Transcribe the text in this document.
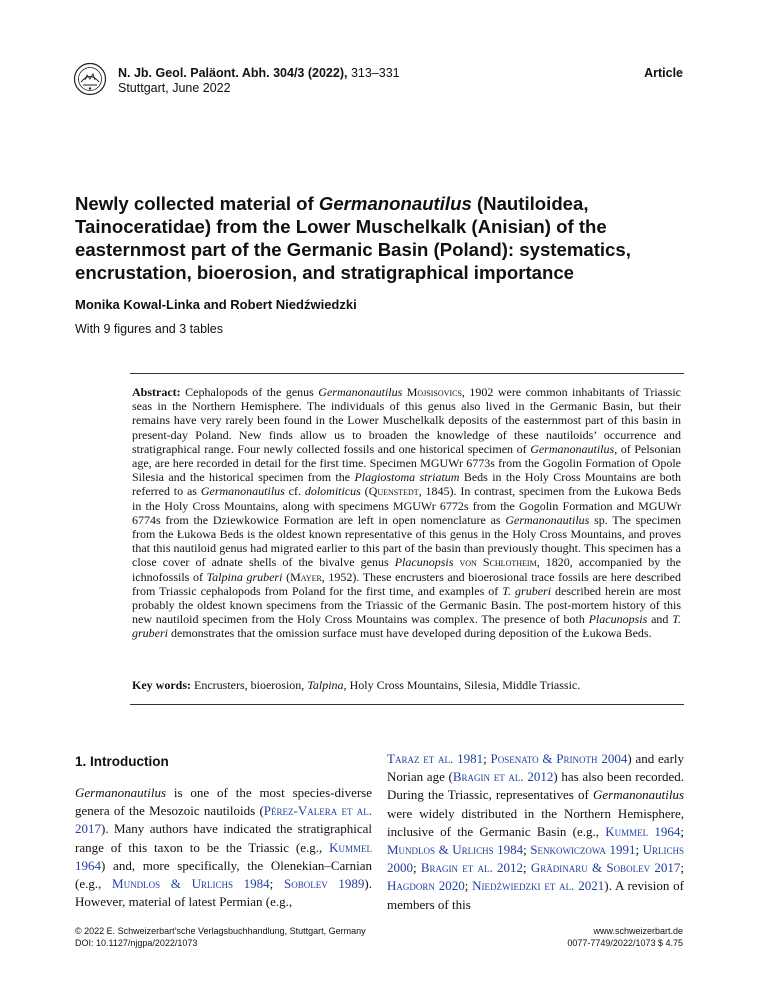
N. Jb. Geol. Paläont. Abh. 304/3 (2022), 313–331
Stuttgart, June 2022
Article
Newly collected material of Germanonautilus (Nautiloidea, Tainoceratidae) from the Lower Muschelkalk (Anisian) of the easternmost part of the Germanic Basin (Poland): systematics, encrustation, bioerosion, and stratigraphical importance
Monika Kowal-Linka and Robert Niedźwiedzki
With 9 figures and 3 tables

Abstract: Cephalopods of the genus Germanonautilus Mojsisovics, 1902 were common inhabitants of Triassic seas in the Northern Hemisphere. The individuals of this genus also lived in the Germanic Basin, but their remains have very rarely been found in the Lower Muschelkalk deposits of the easternmost part of this basin in present-day Poland. New finds allow us to broaden the knowledge of these nautiloids’ occurrence and stratigraphical range. Four newly collected fossils and one historical specimen of Germanonautilus, of Pelsonian age, are here recorded in detail for the first time. Specimen MGUWr 6773s from the Gogolin Formation of Opole Silesia and the historical specimen from the Plagiostoma striatum Beds in the Holy Cross Mountains are both referred to as Germanonautilus cf. dolomiticus (Quenstedt, 1845). In contrast, specimen from the Łukowa Beds in the Holy Cross Mountains, along with specimens MGUWr 6772s from the Gogolin Formation and MGUWr 6774s from the Dziewkowice Formation are left in open nomenclature as Germanonautilus sp. The specimen from the Łukowa Beds is the oldest known representative of this genus in the Holy Cross Mountains, and proves that this nautiloid genus had migrated earlier to this part of the basin than previously thought. This specimen has a close cover of adnate shells of the bivalve genus Placunopsis von Schlotheim, 1820, accompanied by the ichnofossils of Talpina gruberi (Mayer, 1952). These encrusters and bioerosional trace fossils are here described from Triassic cephalopods from Poland for the first time, and examples of T. gruberi described herein are most probably the oldest known specimens from the Triassic of the Germanic Basin. The post-mortem history of this new nautiloid specimen from the Holy Cross Mountains was complex. The presence of both Placunopsis and T. gruberi demonstrates that the omission surface must have developed during deposition of the Łukowa Beds.

Key words: Encrusters, bioerosion, Talpina, Holy Cross Mountains, Silesia, Middle Triassic.

1. Introduction

Germanonautilus is one of the most species-diverse genera of the Mesozoic nautiloids (Pérez-Valera et al. 2017). Many authors have indicated the stratigraphical range of this taxon to be the Triassic (e.g., Kummel 1964) and, more specifically, the Olenekian–Carnian (e.g., Mundlos & Urlichs 1984; Sobolev 1989). However, material of latest Permian (e.g.,

Taraz et al. 1981; Posenato & Prinoth 2004) and early Norian age (Bragin et al. 2012) has also been recorded. During the Triassic, representatives of Germanonautilus were widely distributed in the Northern Hemisphere, inclusive of the Germanic Basin (e.g., Kummel 1964; Mundlos & Urlichs 1984; Senkowiczowa 1991; Urlichs 2000; Bragin et al. 2012; Grădinaru & Sobolev 2017; Hagdorn 2020; Niedźwiedzki et al. 2021). A revision of members of this

© 2022 E. Schweizerbart’sche Verlagsbuchhandlung, Stuttgart, Germany
DOI: 10.1127/njgpa/2022/1073
www.schweizerbart.de
0077-7749/2022/1073 $ 4.75
